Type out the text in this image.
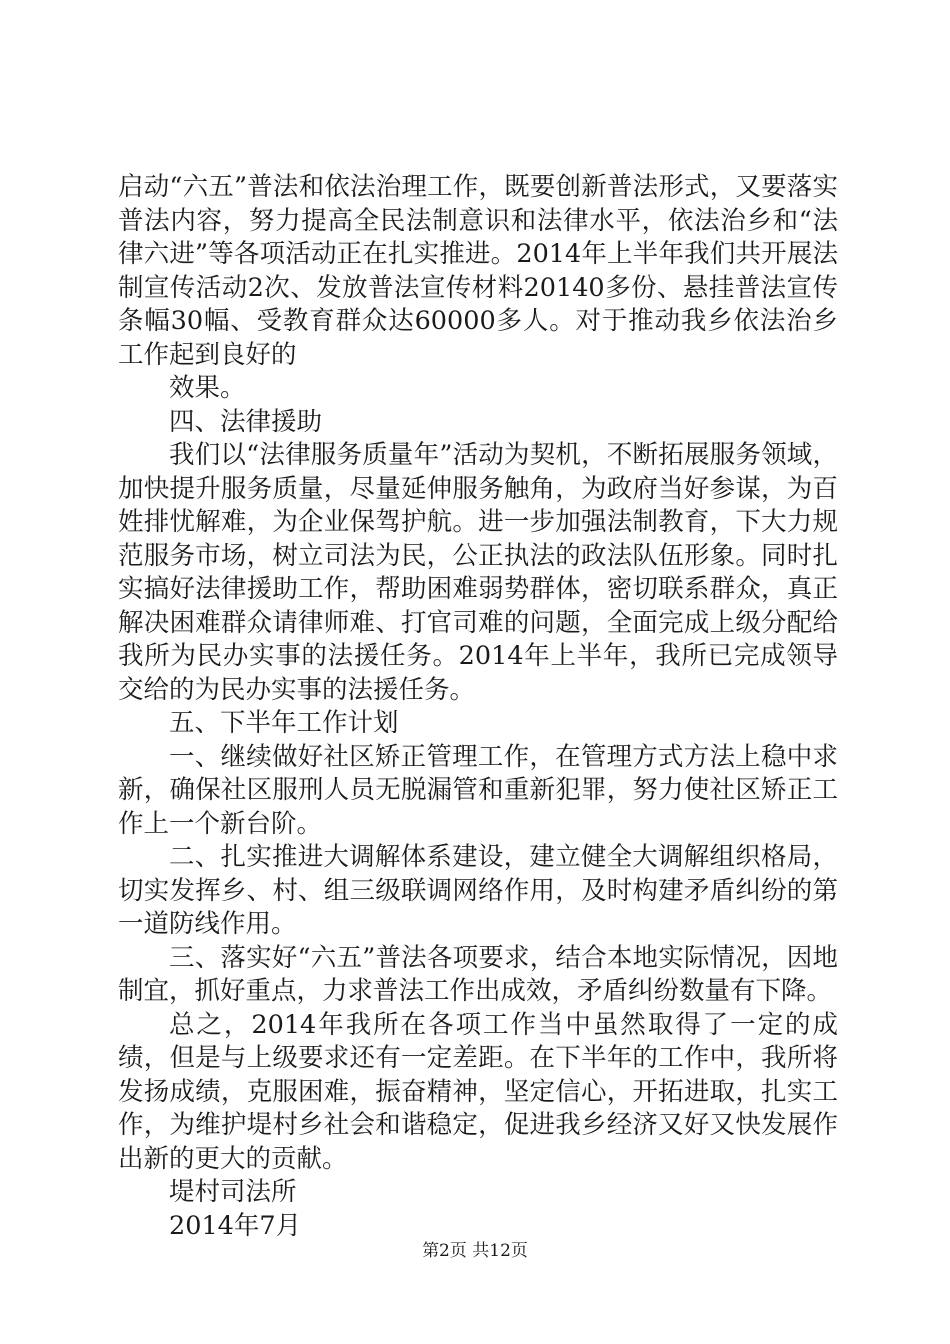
启动“六五”普法和依法治理工作，既要创新普法形式，又要落实普法内容，努力提高全民法制意识和法律水平，依法治乡和“法律六进”等各项活动正在扎实推进。2014年上半年我们共开展法制宣传活动2次、发放普法宣传材料20140多份、悬挂普法宣传条幅30幅、受教育群众达60000多人。对于推动我乡依法治乡工作起到良好的

效果。

四、法律援助

我们以“法律服务质量年”活动为契机，不断拓展服务领域，加快提升服务质量，尽量延伸服务触角，为政府当好参谋，为百姓排忧解难，为企业保驾护航。进一步加强法制教育，下大力规范服务市场，树立司法为民，公正执法的政法队伍形象。同时扎实搞好法律援助工作，帮助困难弱势群体，密切联系群众，真正解决困难群众请律师难、打官司难的问题，全面完成上级分配给我所为民办实事的法援任务。2014年上半年，我所已完成领导交给的为民办实事的法援任务。

五、下半年工作计划

一、继续做好社区矫正管理工作，在管理方式方法上稳中求新，确保社区服刑人员无脱漏管和重新犯罪，努力使社区矫正工作上一个新台阶。

二、扎实推进大调解体系建设，建立健全大调解组织格局，切实发挥乡、村、组三级联调网络作用，及时构建矛盾纠纷的第一道防线作用。

三、落实好“六五”普法各项要求，结合本地实际情况，因地制宜，抓好重点，力求普法工作出成效，矛盾纠纷数量有下降。

总之，2014年我所在各项工作当中虽然取得了一定的成绩，但是与上级要求还有一定差距。在下半年的工作中，我所将发扬成绩，克服困难，振奋精神，坚定信心，开拓进取，扎实工作，为维护堤村乡社会和谐稳定，促进我乡经济又好又快发展作出新的更大的贡献。

堤村司法所

2014年7月

第2页 共12页
